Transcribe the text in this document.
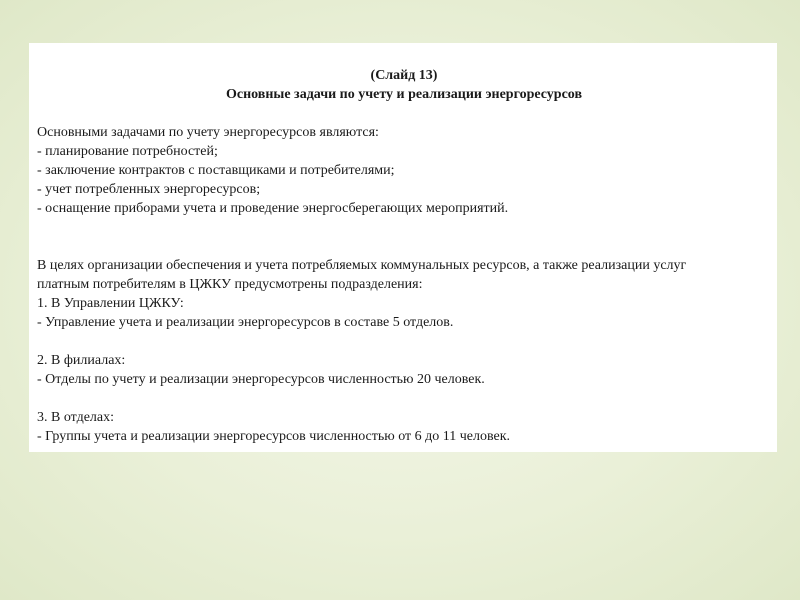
(Слайд 13)
Основные задачи по учету и реализации энергоресурсов
Основными задачами по учету энергоресурсов являются:
- планирование потребностей;
- заключение контрактов с поставщиками и потребителями;
- учет потребленных энергоресурсов;
- оснащение приборами учета и проведение энергосберегающих мероприятий.
В целях организации обеспечения и учета потребляемых коммунальных ресурсов, а также реализации услуг
платным потребителям в ЦЖКУ предусмотрены подразделения:
1. В Управлении ЦЖКУ:
- Управление учета и реализации энергоресурсов в составе 5 отделов.
2. В филиалах:
- Отделы по учету и реализации энергоресурсов численностью 20 человек.
3. В отделах:
- Группы учета и реализации энергоресурсов численностью от 6 до 11 человек.
